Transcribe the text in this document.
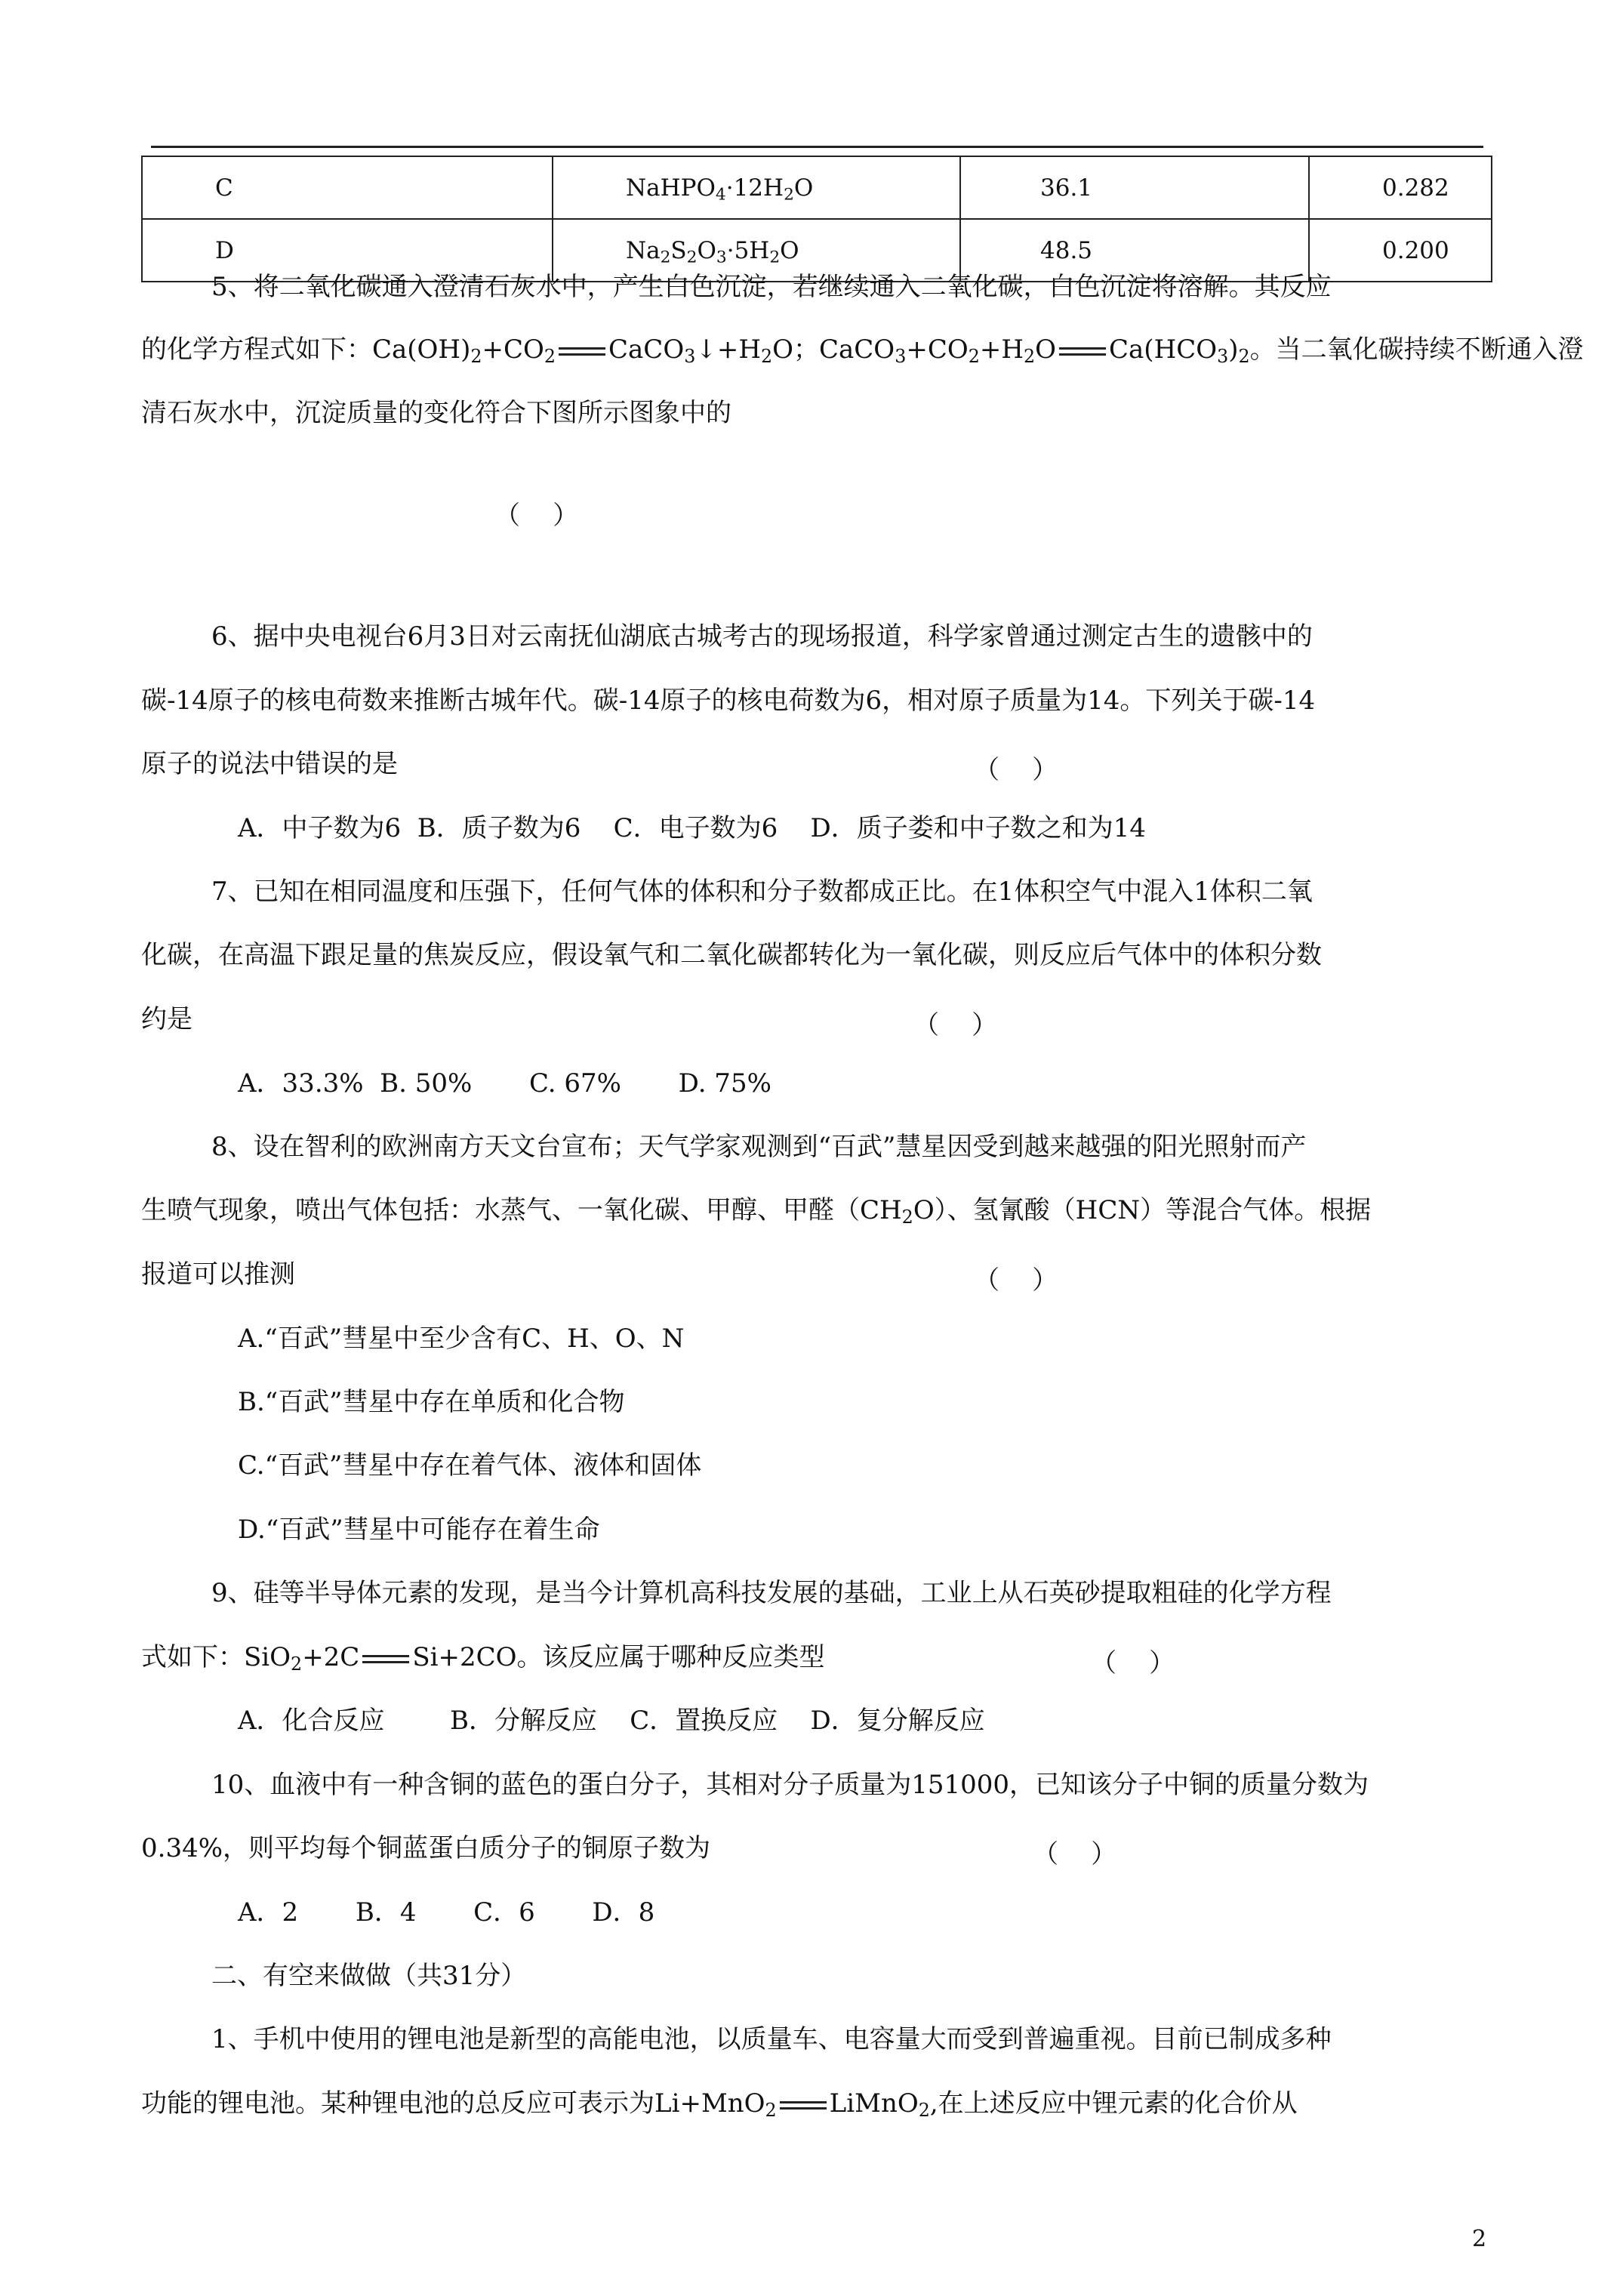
C	$NaHPO_4\cdot 12H_2O$	36.1	0.282
D	$Na_2S_2O_3\cdot 5H_2O$	48.5	0.200
5、将二氧化碳通入澄清石灰水中，产生白色沉淀，若继续通入二氧化碳，白色沉淀将溶解。其反应
的化学方程式如下：$Ca(OH)_2+CO_2$ $CaCO_3↓+H_2O$；$CaCO_3+CO_2+H_2O$ $Ca(HCO_3)_2$。当二氧化碳持续不断通入澄
清石灰水中，沉淀质量的变化符合下图所示图象中的
（    ）
6、据中央电视台6月3日对云南抚仙湖底古城考古的现场报道，科学家曾通过测定古生的遗骸中的
碳-14原子的核电荷数来推断古城年代。碳-14原子的核电荷数为6，相对原子质量为14。下列关于碳-14
原子的说法中错误的是	（    ）
A．中子数为6  B．质子数为6    C．电子数为6    D．质子娄和中子数之和为14
7、已知在相同温度和压强下，任何气体的体积和分子数都成正比。在1体积空气中混入1体积二氧
化碳，在高温下跟足量的焦炭反应，假设氧气和二氧化碳都转化为一氧化碳，则反应后气体中的体积分数
约是	（    ）
A．33.3%  B. 50%       C. 67%       D. 75%
8、设在智利的欧洲南方天文台宣布；天气学家观测到“百武”慧星因受到越来越强的阳光照射而产
生喷气现象，喷出气体包括：水蒸气、一氧化碳、甲醇、甲醛$(CH_2O)$、氢氰酸（HCN）等混合气体。根据
报道可以推测	（    ）
A.“百武”彗星中至少含有C、H、O、N
B.“百武”彗星中存在单质和化合物
C.“百武”彗星中存在着气体、液体和固体
D.“百武”彗星中可能存在着生命
9、硅等半导体元素的发现，是当今计算机高科技发展的基础，工业上从石英砂提取粗硅的化学方程
式如下：SiO$_2$+2C Si+2CO。该反应属于哪种反应类型	（    ）
A．化合反应        B．分解反应    C．置换反应    D．复分解反应
10、血液中有一种含铜的蓝色的蛋白分子，其相对分子质量为151000，已知该分子中铜的质量分数为
0.34%，则平均每个铜蓝蛋白质分子的铜原子数为	（    ）
A．2       B．4       C．6       D．8
二、有空来做做（共31分）
1、手机中使用的锂电池是新型的高能电池，以质量车、电容量大而受到普遍重视。目前已制成多种
功能的锂电池。某种锂电池的总反应可表示为Li+MnO$_2$ LiMnO$_2$,在上述反应中锂元素的化合价从
2
